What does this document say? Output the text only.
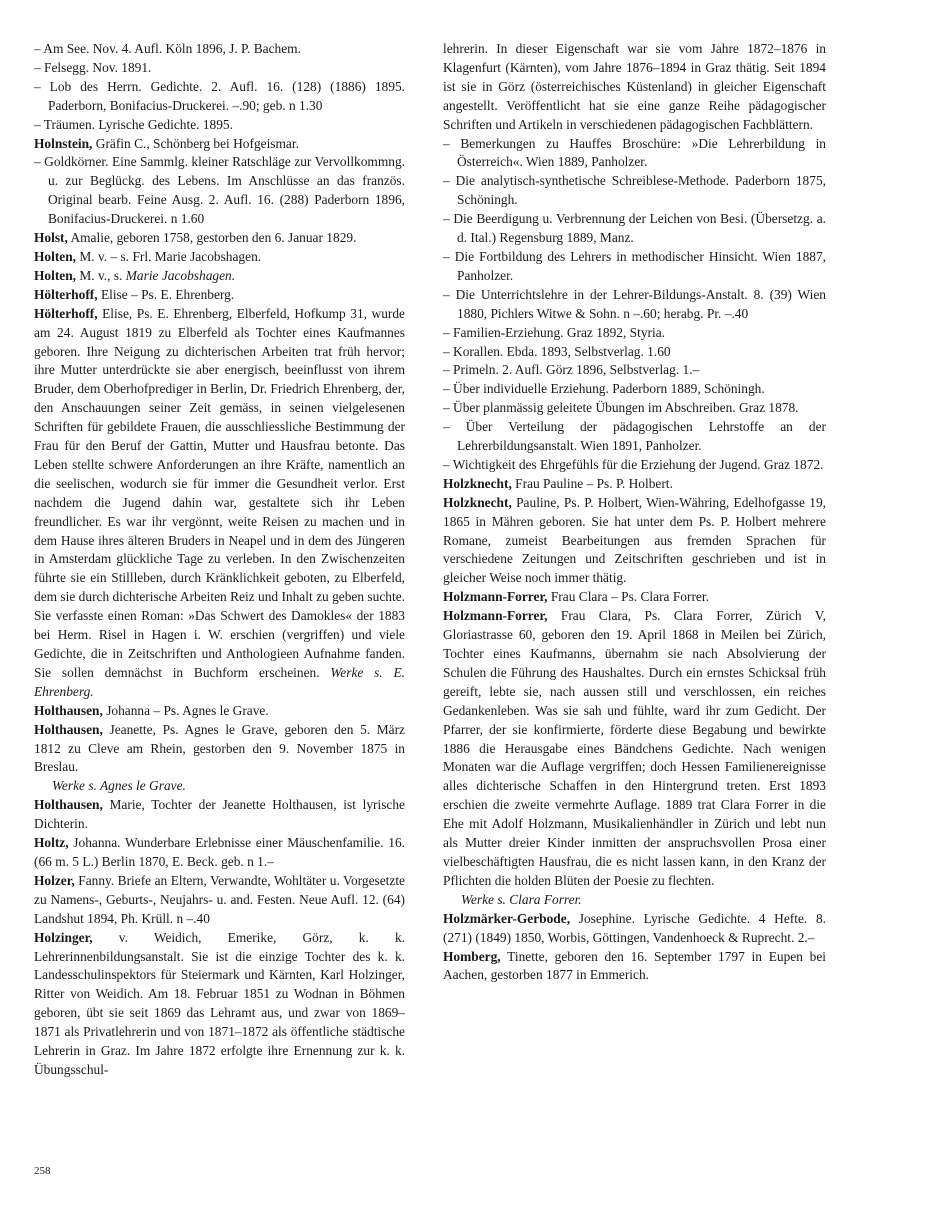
– Am See. Nov. 4. Aufl. Köln 1896, J. P. Bachem.

– Felsegg. Nov. 1891.

– Lob des Herrn. Gedichte. 2. Aufl. 16. (128) (1886) 1895. Paderborn, Bonifacius-Druckerei. –.90; geb. n 1.30

– Träumen. Lyrische Gedichte. 1895.

Holnstein, Gräfin C., Schönberg bei Hofgeismar.

– Goldkörner. Eine Sammlg. kleiner Ratschläge zur Vervollkommng. u. zur Beglückg. des Lebens. Im Anschlüsse an das französ. Original bearb. Feine Ausg. 2. Aufl. 16. (288) Paderborn 1896, Bonifacius-Druckerei. n 1.60

Holst, Amalie, geboren 1758, gestorben den 6. Januar 1829.

Holten, M. v. – s. Frl. Marie Jacobshagen.

Holten, M. v., s. Marie Jacobshagen.

Hölterhoff, Elise – Ps. E. Ehrenberg.

Hölterhoff, Elise, Ps. E. Ehrenberg, Elberfeld, Hofkump 31, wurde am 24. August 1819 zu Elberfeld als Tochter eines Kaufmannes geboren. Ihre Neigung zu dichterischen Arbeiten trat früh hervor; ihre Mutter unterdrückte sie aber energisch, beeinflusst von ihrem Bruder, dem Oberhofprediger in Berlin, Dr. Friedrich Ehrenberg, der, den Anschauungen seiner Zeit gemäss, in seinen vielgelesenen Schriften für gebildete Frauen, die ausschliessliche Bestimmung der Frau für den Beruf der Gattin, Mutter und Hausfrau betonte. Das Leben stellte schwere Anforderungen an ihre Kräfte, namentlich an die seelischen, wodurch sie für immer die Gesundheit verlor. Erst nachdem die Jugend dahin war, gestaltete sich ihr Leben freundlicher. Es war ihr vergönnt, weite Reisen zu machen und in dem Hause ihres älteren Bruders in Neapel und in dem des Jüngeren in Amsterdam glückliche Tage zu verleben. In den Zwischenzeiten führte sie ein Stillleben, durch Kränklichkeit geboten, zu Elberfeld, dem sie durch dichterische Arbeiten Reiz und Inhalt zu geben suchte. Sie verfasste einen Roman: »Das Schwert des Damokles« der 1883 bei Herm. Risel in Hagen i. W. erschien (vergriffen) und viele Gedichte, die in Zeitschriften und Anthologieen Aufnahme fanden. Sie sollen demnächst in Buchform erscheinen. Werke s. E. Ehrenberg.

Holthausen, Johanna – Ps. Agnes le Grave.

Holthausen, Jeanette, Ps. Agnes le Grave, geboren den 5. März 1812 zu Cleve am Rhein, gestorben den 9. November 1875 in Breslau.

Werke s. Agnes le Grave.

Holthausen, Marie, Tochter der Jeanette Holthausen, ist lyrische Dichterin.

Holtz, Johanna. Wunderbare Erlebnisse einer Mäuschenfamilie. 16. (66 m. 5 L.) Berlin 1870, E. Beck. geb. n 1.–

Holzer, Fanny. Briefe an Eltern, Verwandte, Wohltäter u. Vorgesetzte zu Namens-, Geburts-, Neujahrs- u. and. Festen. Neue Aufl. 12. (64) Landshut 1894, Ph. Krüll. n –.40

Holzinger, v. Weidich, Emerike, Görz, k. k. Lehrerinnenbildungsanstalt. Sie ist die einzige Tochter des k. k. Landesschulinspektors für Steiermark und Kärnten, Karl Holzinger, Ritter von Weidich. Am 18. Februar 1851 zu Wodnan in Böhmen geboren, übt sie seit 1869 das Lehramt aus, und zwar von 1869–1871 als Privatlehrerin und von 1871–1872 als öffentliche städtische Lehrerin in Graz. Im Jahre 1872 erfolgte ihre Ernennung zur k. k. Übungsschul-

lehrerin. In dieser Eigenschaft war sie vom Jahre 1872–1876 in Klagenfurt (Kärnten), vom Jahre 1876–1894 in Graz thätig. Seit 1894 ist sie in Görz (österreichisches Küstenland) in gleicher Eigenschaft angestellt. Veröffentlicht hat sie eine ganze Reihe pädagogischer Schriften und Artikeln in verschiedenen pädagogischen Fachblättern.

– Bemerkungen zu Hauffes Broschüre: »Die Lehrerbildung in Österreich«. Wien 1889, Panholzer.

– Die analytisch-synthetische Schreiblese-Methode. Paderborn 1875, Schöningh.

– Die Beerdigung u. Verbrennung der Leichen von Besi. (Übersetzg. a. d. Ital.) Regensburg 1889, Manz.

– Die Fortbildung des Lehrers in methodischer Hinsicht. Wien 1887, Panholzer.

– Die Unterrichtslehre in der Lehrer-Bildungs-Anstalt. 8. (39) Wien 1880, Pichlers Witwe & Sohn. n –.60; herabg. Pr. –.40

– Familien-Erziehung. Graz 1892, Styria.

– Korallen. Ebda. 1893, Selbstverlag. 1.60

– Primeln. 2. Aufl. Görz 1896, Selbstverlag. 1.–

– Über individuelle Erziehung. Paderborn 1889, Schöningh.

– Über planmässig geleitete Übungen im Abschreiben. Graz 1878.

– Über Verteilung der pädagogischen Lehrstoffe an der Lehrerbildungsanstalt. Wien 1891, Panholzer.

– Wichtigkeit des Ehrgefühls für die Erziehung der Jugend. Graz 1872.

Holzknecht, Frau Pauline – Ps. P. Holbert.

Holzknecht, Pauline, Ps. P. Holbert, Wien-Währing, Edelhofgasse 19, 1865 in Mähren geboren. Sie hat unter dem Ps. P. Holbert mehrere Romane, zumeist Bearbeitungen aus fremden Sprachen für verschiedene Zeitungen und Zeitschriften geschrieben und ist in gleicher Weise noch immer thätig.

Holzmann-Forrer, Frau Clara – Ps. Clara Forrer.

Holzmann-Forrer, Frau Clara, Ps. Clara Forrer, Zürich V, Gloriastrasse 60, geboren den 19. April 1868 in Meilen bei Zürich, Tochter eines Kaufmanns, übernahm sie nach Absolvierung der Schulen die Führung des Haushaltes. Durch ein ernstes Schicksal früh gereift, lebte sie, nach aussen still und verschlossen, ein reiches Gedankenleben. Was sie sah und fühlte, ward ihr zum Gedicht. Der Pfarrer, der sie konfirmierte, förderte diese Begabung und bewirkte 1886 die Herausgabe eines Bändchens Gedichte. Nach wenigen Monaten war die Auflage vergriffen; doch Hessen Familienereignisse alles dichterische Schaffen in den Hintergrund treten. Erst 1893 erschien die zweite vermehrte Auflage. 1889 trat Clara Forrer in die Ehe mit Adolf Holzmann, Musikalienhändler in Zürich und lebt nun als Mutter dreier Kinder inmitten der anspruchsvollen Prosa einer vielbeschäftigten Hausfrau, die es nicht lassen kann, in den Kranz der Pflichten die holden Blüten der Poesie zu flechten.

Werke s. Clara Forrer.

Holzmärker-Gerbode, Josephine. Lyrische Gedichte. 4 Hefte. 8. (271) (1849) 1850, Worbis, Göttingen, Vandenhoeck & Ruprecht. 2.–

Homberg, Tinette, geboren den 16. September 1797 in Eupen bei Aachen, gestorben 1877 in Emmerich.

258
